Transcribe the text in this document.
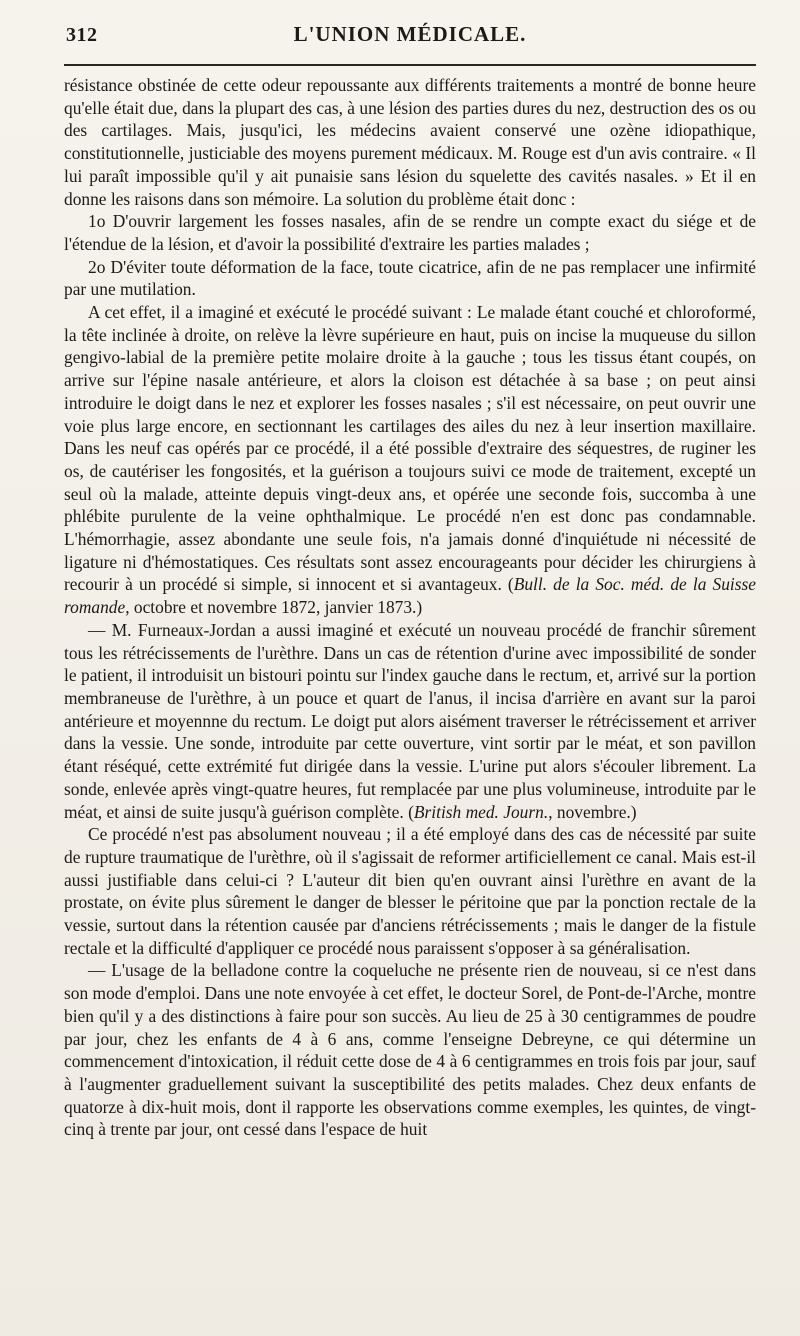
312	L'UNION MÉDICALE.

résistance obstinée de cette odeur repoussante aux différents traitements a montré de bonne heure qu'elle était due, dans la plupart des cas, à une lésion des parties dures du nez, destruction des os ou des cartilages. Mais, jusqu'ici, les médecins avaient conservé une ozène idiopathique, constitutionnelle, justiciable des moyens purement médicaux. M. Rouge est d'un avis contraire. « Il lui paraît impossible qu'il y ait punaisie sans lésion du squelette des cavités nasales. » Et il en donne les raisons dans son mémoire. La solution du problème était donc :

1o D'ouvrir largement les fosses nasales, afin de se rendre un compte exact du siége et de l'étendue de la lésion, et d'avoir la possibilité d'extraire les parties malades ;

2o D'éviter toute déformation de la face, toute cicatrice, afin de ne pas remplacer une infirmité par une mutilation.

A cet effet, il a imaginé et exécuté le procédé suivant : Le malade étant couché et chloroformé, la tête inclinée à droite, on relève la lèvre supérieure en haut, puis on incise la muqueuse du sillon gengivo-labial de la première petite molaire droite à la gauche ; tous les tissus étant coupés, on arrive sur l'épine nasale antérieure, et alors la cloison est détachée à sa base ; on peut ainsi introduire le doigt dans le nez et explorer les fosses nasales ; s'il est nécessaire, on peut ouvrir une voie plus large encore, en sectionnant les cartilages des ailes du nez à leur insertion maxillaire. Dans les neuf cas opérés par ce procédé, il a été possible d'extraire des séquestres, de ruginer les os, de cautériser les fongosités, et la guérison a toujours suivi ce mode de traitement, excepté un seul où la malade, atteinte depuis vingt-deux ans, et opérée une seconde fois, succomba à une phlébite purulente de la veine ophthalmique. Le procédé n'en est donc pas condamnable. L'hémorrhagie, assez abondante une seule fois, n'a jamais donné d'inquiétude ni nécessité de ligature ni d'hémostatiques. Ces résultats sont assez encourageants pour décider les chirurgiens à recourir à un procédé si simple, si innocent et si avantageux. (Bull. de la Soc. méd. de la Suisse romande, octobre et novembre 1872, janvier 1873.)

— M. Furneaux-Jordan a aussi imaginé et exécuté un nouveau procédé de franchir sûrement tous les rétrécissements de l'urèthre. Dans un cas de rétention d'urine avec impossibilité de sonder le patient, il introduisit un bistouri pointu sur l'index gauche dans le rectum, et, arrivé sur la portion membraneuse de l'urèthre, à un pouce et quart de l'anus, il incisa d'arrière en avant sur la paroi antérieure et moyennne du rectum. Le doigt put alors aisément traverser le rétrécissement et arriver dans la vessie. Une sonde, introduite par cette ouverture, vint sortir par le méat, et son pavillon étant réséqué, cette extrémité fut dirigée dans la vessie. L'urine put alors s'écouler librement. La sonde, enlevée après vingt-quatre heures, fut remplacée par une plus volumineuse, introduite par le méat, et ainsi de suite jusqu'à guérison complète. (British med. Journ., novembre.)

Ce procédé n'est pas absolument nouveau ; il a été employé dans des cas de nécessité par suite de rupture traumatique de l'urèthre, où il s'agissait de reformer artificiellement ce canal. Mais est-il aussi justifiable dans celui-ci ? L'auteur dit bien qu'en ouvrant ainsi l'urèthre en avant de la prostate, on évite plus sûrement le danger de blesser le péritoine que par la ponction rectale de la vessie, surtout dans la rétention causée par d'anciens rétrécissements ; mais le danger de la fistule rectale et la difficulté d'appliquer ce procédé nous paraissent s'opposer à sa généralisation.

— L'usage de la belladone contre la coqueluche ne présente rien de nouveau, si ce n'est dans son mode d'emploi. Dans une note envoyée à cet effet, le docteur Sorel, de Pont-de-l'Arche, montre bien qu'il y a des distinctions à faire pour son succès. Au lieu de 25 à 30 centigrammes de poudre par jour, chez les enfants de 4 à 6 ans, comme l'enseigne Debreyne, ce qui détermine un commencement d'intoxication, il réduit cette dose de 4 à 6 centigrammes en trois fois par jour, sauf à l'augmenter graduellement suivant la susceptibilité des petits malades. Chez deux enfants de quatorze à dix-huit mois, dont il rapporte les observations comme exemples, les quintes, de vingt-cinq à trente par jour, ont cessé dans l'espace de huit
